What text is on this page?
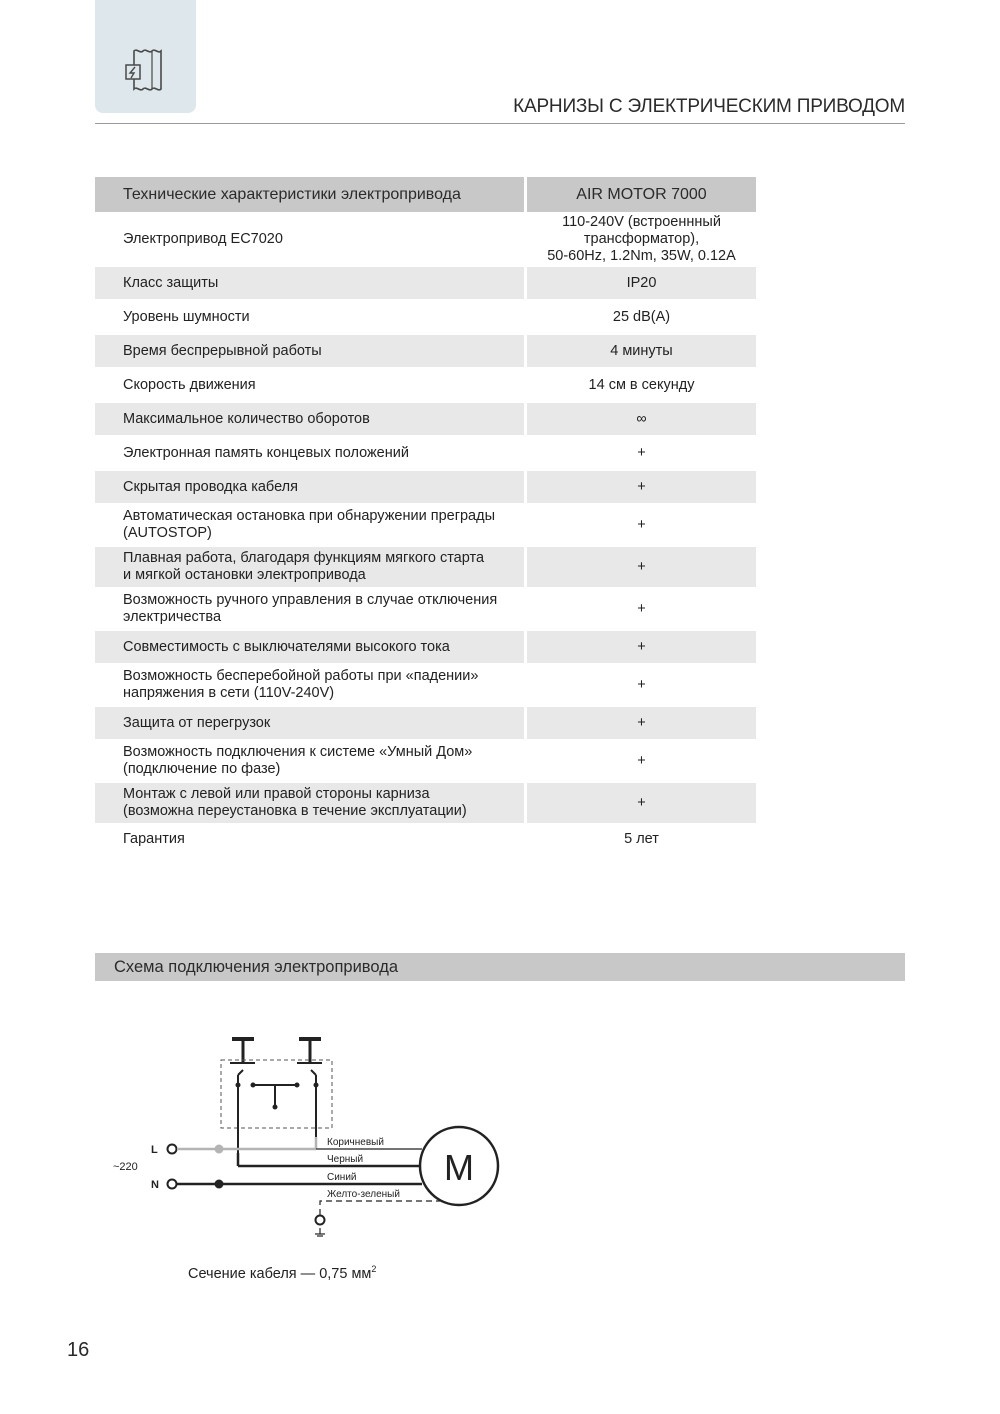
КАРНИЗЫ С ЭЛЕКТРИЧЕСКИМ ПРИВОДОМ
Технические характеристики электропривода	AIR MOTOR 7000

Электропривод EC7020	110-240V (встроеннный
трансформатор),
50-60Hz, 1.2Nm, 35W, 0.12A

Класс защиты	IP20

Уровень шумности	25 dB(A)

Время беспрерывной работы	4 минуты

Скорость движения	14 см в секунду

Максимальное количество оборотов	∞

Электронная память концевых положений	+

Скрытая проводка кабеля	+

Автоматическая остановка при обнаружении преграды
(AUTOSTOP)	+

Плавная работа, благодаря функциям мягкого старта
и мягкой остановки электропривода	+

Возможность ручного управления в случае отключения
электричества	+

Совместимость с выключателями высокого тока	+

Возможность бесперебойной работы при «падении»
напряжения в сети (110V-240V)	+

Защита от перегрузок	+

Возможность подключения к системе «Умный Дом»
(подключение по фазе)	+

Монтаж с левой или правой стороны карниза
(возможна переустановка в течение эксплуатации)	+

Гарантия	5 лет
Схема подключения электропривода
~220
L
N
Коричневый
Черный
Синий
Желто-зеленый
M
Сечение кабеля — 0,75 $мм^2$
16
